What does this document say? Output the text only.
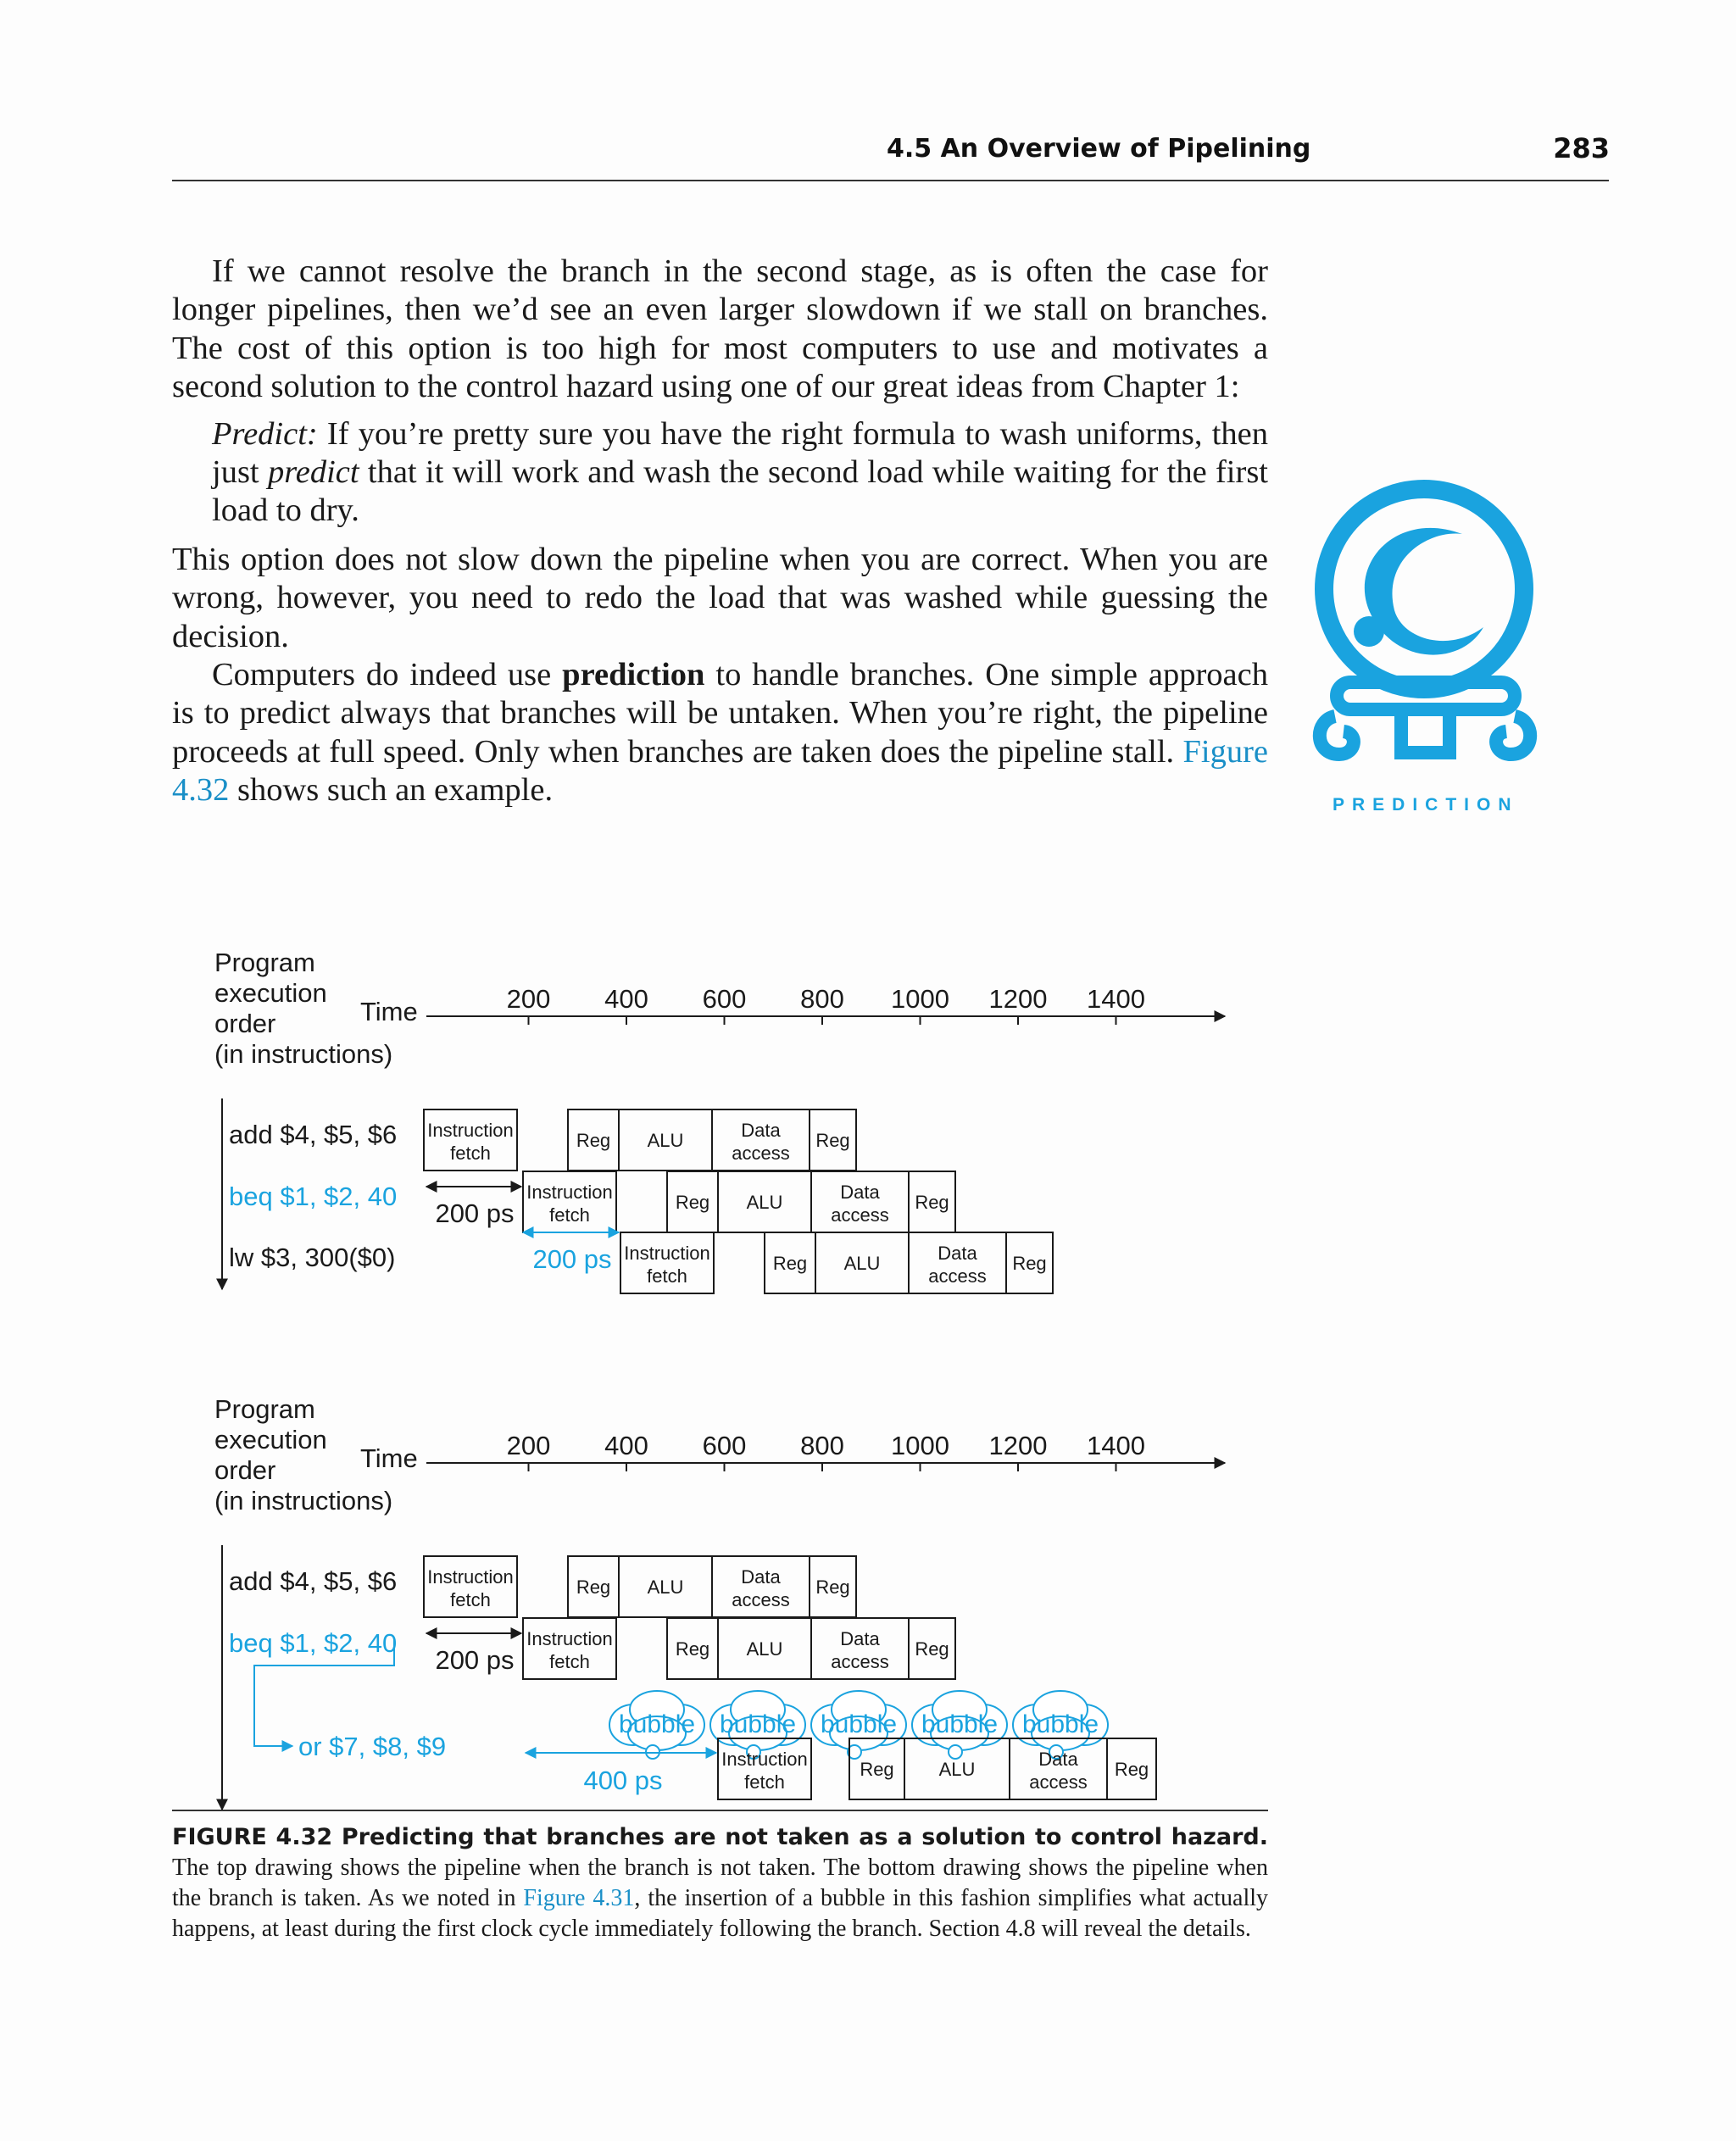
4.5 An Overview of Pipelining	283

If we cannot resolve the branch in the second stage, as is often the case for longer pipelines, then we’d see an even larger slowdown if we stall on branches. The cost of this option is too high for most computers to use and motivates a second solution to the control hazard using one of our great ideas from Chapter 1:

Predict: If you’re pretty sure you have the right formula to wash uniforms, then just predict that it will work and wash the second load while waiting for the first load to dry.

This option does not slow down the pipeline when you are correct. When you are wrong, however, you need to redo the load that was washed while guessing the decision.

Computers do indeed use prediction to handle branches. One simple approach is to predict always that branches will be untaken. When you’re right, the pipeline proceeds at full speed. Only when branches are taken does the pipeline stall. Figure 4.32 shows such an example.	PREDICTION
Program
execution
order
(in instructions)
Time	200 400 600 800 1000 1200 1400
add $4, $5, $6
beq $1, $2, 40
lw $3, 300($0)
Instruction
fetch
Reg ALU	Data
access
Reg
Instruction
fetch
Reg ALU	Data
access
Reg
200 ps
Instruction
fetch
Reg ALU	Data
access
Reg
200 ps
Program
execution
order
(in instructions)
Time	200 400 600 800 1000 1200 1400
add $4, $5, $6
beq $1, $2, 40
or $7, $8, $9
Instruction
fetch
Reg ALU	Data
access
Reg
Instruction
fetch
Reg ALU	Data
access
Reg
200 ps
bubble bubble bubble bubble bubble
Instruction
fetch
Reg ALU	Data
access
Reg
400 ps
FIGURE 4.32 Predicting that branches are not taken as a solution to control hazard. The top drawing shows the pipeline when the branch is not taken. The bottom drawing shows the pipeline when the branch is taken. As we noted in Figure 4.31, the insertion of a bubble in this fashion simplifies what actually happens, at least during the first clock cycle immediately following the branch. Section 4.8 will reveal the details.
